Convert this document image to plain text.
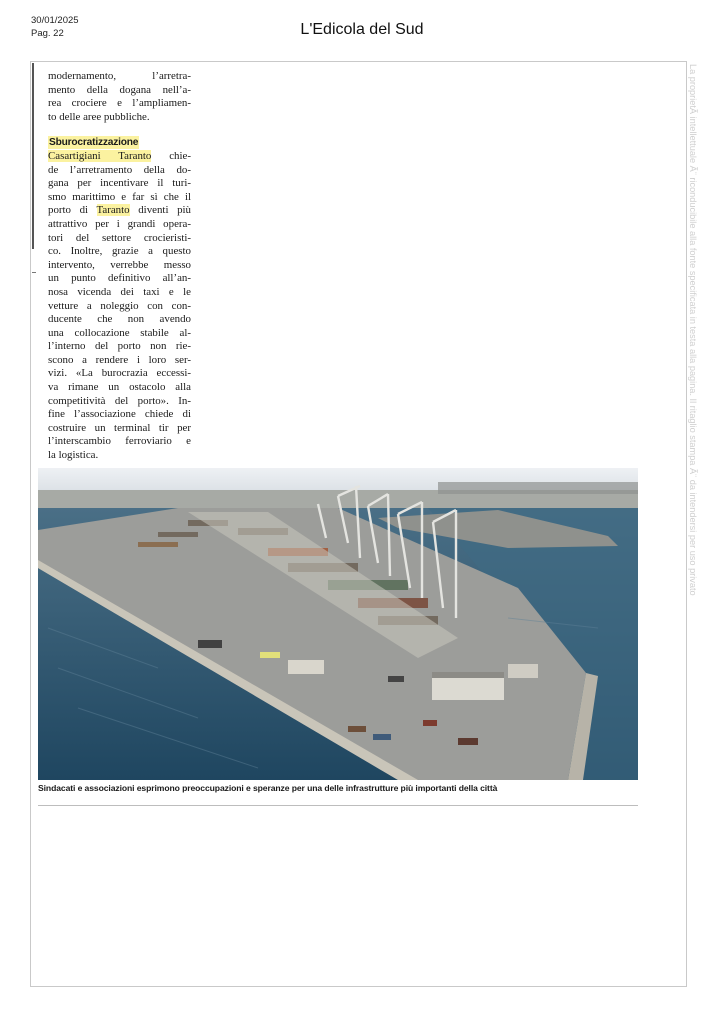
30/01/2025
Pag. 22	L'Edicola del Sud
modernamento, l’arretra-
mento della dogana nell’a-
rea crociere e l’ampliamen-
to delle aree pubbliche.
Sburocratizzazione
Casartigiani Taranto chie-
de l’arretramento della do-
gana per incentivare il turi-
smo marittimo e far sì che il
porto di Taranto diventi più
attrattivo per i grandi opera-
tori del settore crocieristi-
co. Inoltre, grazie a questo
intervento, verrebbe messo
un punto definitivo all’an-
nosa vicenda dei taxi e le
vetture a noleggio con con-
ducente che non avendo
una collocazione stabile al-
l’interno del porto non rie-
scono a rendere i loro ser-
vizi. «La burocrazia eccessi-
va rimane un ostacolo alla
competitività del porto». In-
fine l’associazione chiede di
costruire un terminal tir per
l’interscambio ferroviario e
la logistica.	La proprietÃ intellettuale Ã¨ riconducibile alla fonte specificata in testa alla pagina. Il ritaglio stampa Ã¨ da intendersi per uso privato
Sindacati e associazioni esprimono preoccupazioni e speranze per una delle infrastrutture più importanti della città
